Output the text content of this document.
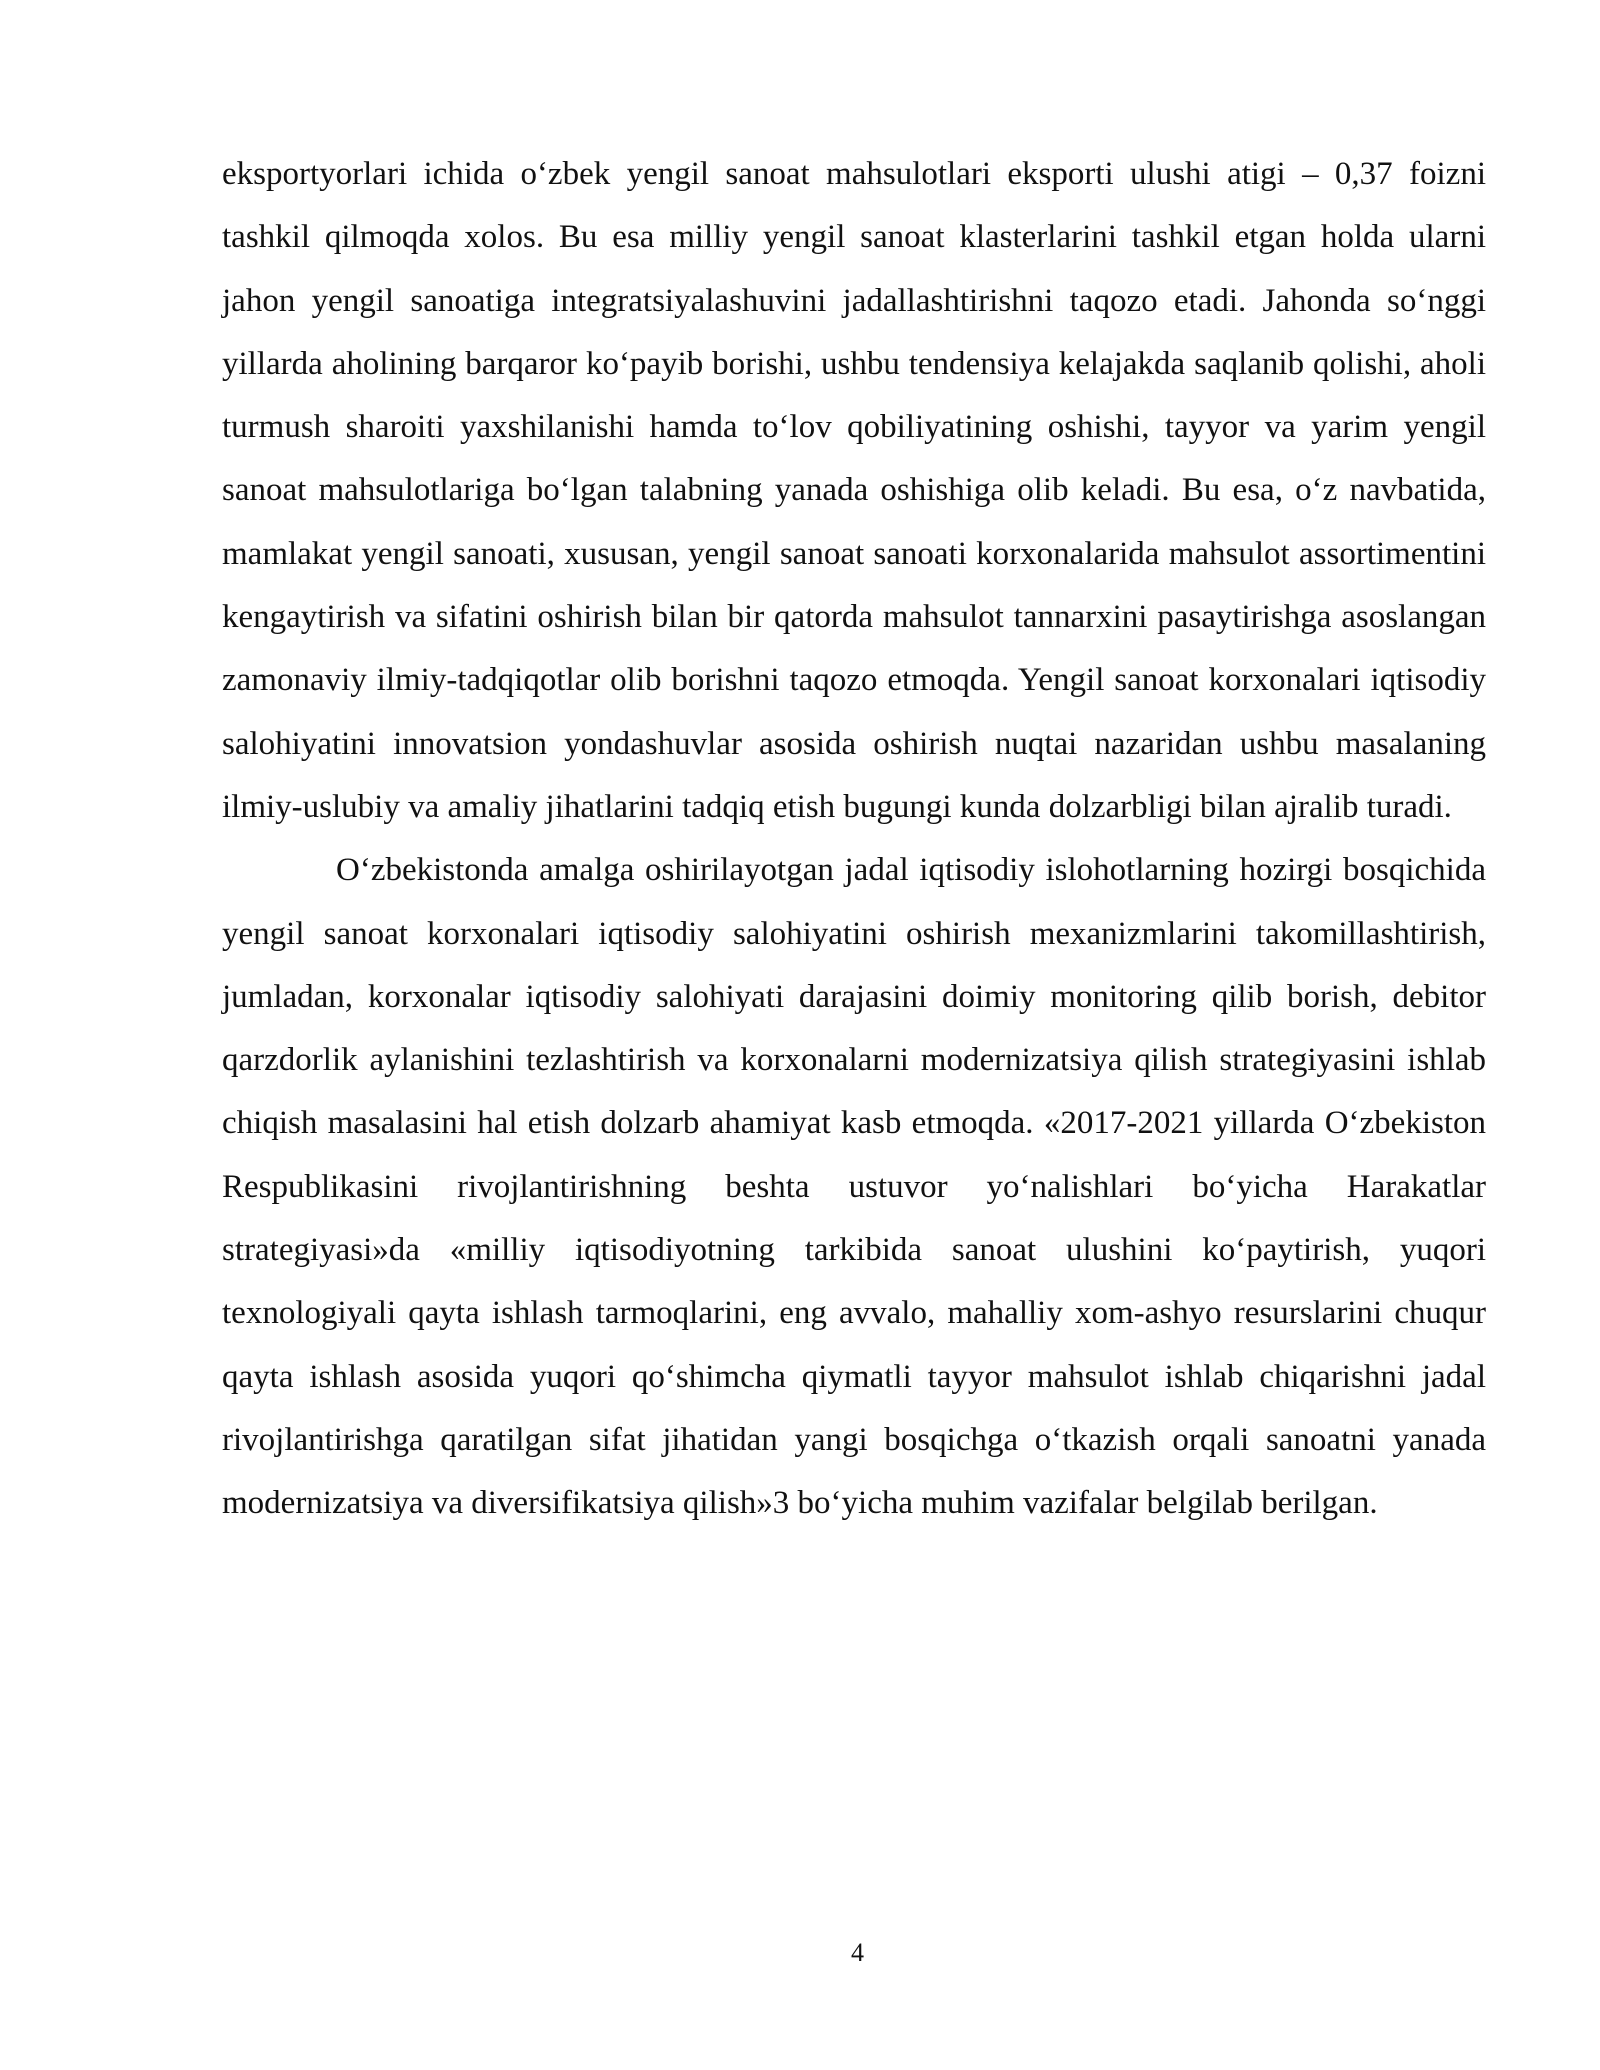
eksportyorlari ichida oʻzbek yengil sanoat mahsulotlari eksporti ulushi atigi – 0,37 foizni tashkil qilmoqda xolos. Bu esa milliy yengil sanoat klasterlarini tashkil etgan holda ularni jahon yengil sanoatiga integratsiyalashuvini jadallashtirishni taqozo etadi. Jahonda soʻnggi yillarda aholining barqaror koʻpayib borishi, ushbu tendensiya kelajakda saqlanib qolishi, aholi turmush sharoiti yaxshilanishi hamda toʻlov qobiliyatining oshishi, tayyor va yarim yengil sanoat mahsulotlariga boʻlgan talabning yanada oshishiga olib keladi. Bu esa, oʻz navbatida, mamlakat yengil sanoati, xususan, yengil sanoat sanoati korxonalarida mahsulot assortimentini kengaytirish va sifatini oshirish bilan bir qatorda mahsulot tannarxini pasaytirishga asoslangan zamonaviy ilmiy-tadqiqotlar olib borishni taqozo etmoqda. Yengil sanoat korxonalari iqtisodiy salohiyatini innovatsion yondashuvlar asosida oshirish nuqtai nazaridan ushbu masalaning ilmiy-uslubiy va amaliy jihatlarini tadqiq etish bugungi kunda dolzarbligi bilan ajralib turadi.

Oʻzbekistonda amalga oshirilayotgan jadal iqtisodiy islohotlarning hozirgi bosqichida yengil sanoat korxonalari iqtisodiy salohiyatini oshirish mexanizmlarini takomillashtirish, jumladan, korxonalar iqtisodiy salohiyati darajasini doimiy monitoring qilib borish, debitor qarzdorlik aylanishini tezlashtirish va korxonalarni modernizatsiya qilish strategiyasini ishlab chiqish masalasini hal etish dolzarb ahamiyat kasb etmoqda. «2017-2021 yillarda Oʻzbekiston Respublikasini rivojlantirishning beshta ustuvor yoʻnalishlari boʻyicha Harakatlar strategiyasi»da «milliy iqtisodiyotning tarkibida sanoat ulushini koʻpaytirish, yuqori texnologiyali qayta ishlash tarmoqlarini, eng avvalo, mahalliy xom-ashyo resurslarini chuqur qayta ishlash asosida yuqori qoʻshimcha qiymatli tayyor mahsulot ishlab chiqarishni jadal rivojlantirishga qaratilgan sifat jihatidan yangi bosqichga oʻtkazish orqali sanoatni yanada modernizatsiya va diversifikatsiya qilish»3 boʻyicha muhim vazifalar belgilab berilgan.

4
